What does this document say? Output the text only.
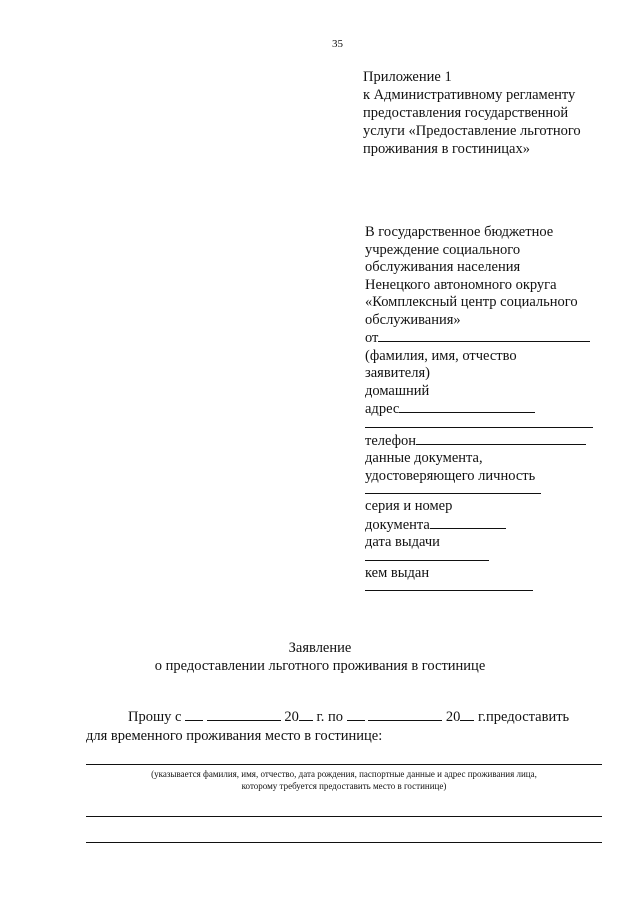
35
Приложение 1
к Административному регламенту
предоставления государственной
услуги «Предоставление льготного
проживания в гостиницах»
В государственное бюджетное
учреждение социального
обслуживания населения
Ненецкого автономного округа
«Комплексный центр социального
обслуживания»
от
(фамилия, имя, отчество
заявителя)
домашний
адрес
телефон
данные документа,
удостоверяющего личность
серия и номер
документа
дата выдачи
кем выдан
Заявление
о предоставлении льготного проживания в гостинице
Прошу с	20 г. по	20 г.предоставить
для временного проживания место в гостинице:
(указывается фамилия, имя, отчество, дата рождения, паспортные данные и адрес проживания лица,
которому требуется предоставить место в гостинице)
